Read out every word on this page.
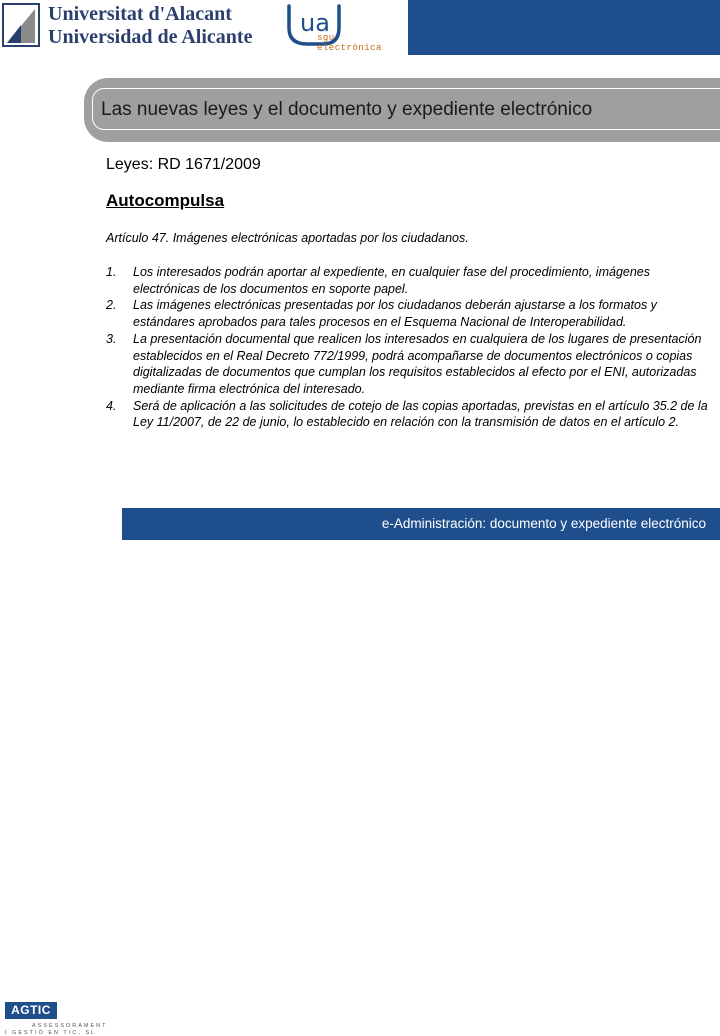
Universitat d'Alacant
Universidad de Alicante ua
sgu
electrònica
Las nuevas leyes y el documento y expediente electrónico
Leyes: RD 1671/2009
Autocompulsa
Artículo 47. Imágenes electrónicas aportadas por los ciudadanos.
1. Los interesados podrán aportar al expediente, en cualquier fase del procedimiento, imágenes electrónicas de los documentos en soporte papel.
2. Las imágenes electrónicas presentadas por los ciudadanos deberán ajustarse a los formatos y estándares aprobados para tales procesos en el Esquema Nacional de Interoperabilidad.
3. La presentación documental que realicen los interesados en cualquiera de los lugares de presentación establecidos en el Real Decreto 772/1999, podrá acompañarse de documentos electrónicos o copias digitalizadas de documentos que cumplan los requisitos establecidos al efecto por el ENI, autorizadas mediante firma electrónica del interesado.
4. Será de aplicación a las solicitudes de cotejo de las copias aportadas, previstas en el artículo 35.2 de la Ley 11/2007, de 22 de junio, lo establecido en relación con la transmisión de datos en el artículo 2.
AGTIC
ASSESSORAMENT
I GESTIÓ EN TIC, SL
e-Administración: documento y expediente electrónico
